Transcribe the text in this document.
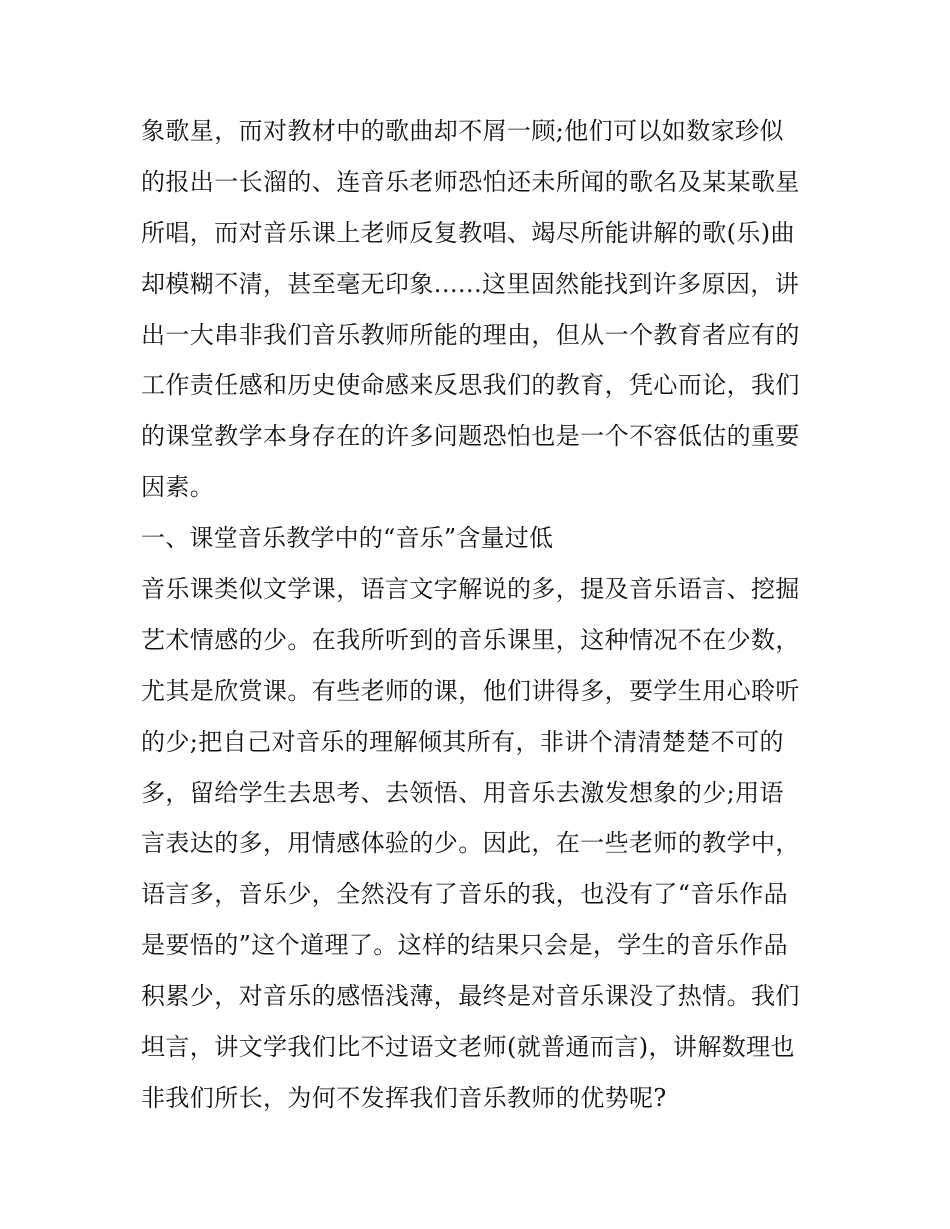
象歌星，而对教材中的歌曲却不屑一顾;他们可以如数家珍似
的报出一长溜的、连音乐老师恐怕还未所闻的歌名及某某歌星
所唱，而对音乐课上老师反复教唱、竭尽所能讲解的歌(乐)曲
却模糊不清，甚至毫无印象......这里固然能找到许多原因，讲
出一大串非我们音乐教师所能的理由，但从一个教育者应有的
工作责任感和历史使命感来反思我们的教育，凭心而论，我们
的课堂教学本身存在的许多问题恐怕也是一个不容低估的重要
因素。
一、课堂音乐教学中的“音乐”含量过低
音乐课类似文学课，语言文字解说的多，提及音乐语言、挖掘
艺术情感的少。在我所听到的音乐课里，这种情况不在少数，
尤其是欣赏课。有些老师的课，他们讲得多，要学生用心聆听
的少;把自己对音乐的理解倾其所有，非讲个清清楚楚不可的
多，留给学生去思考、去领悟、用音乐去激发想象的少;用语
言表达的多，用情感体验的少。因此，在一些老师的教学中，
语言多，音乐少，全然没有了音乐的我，也没有了“音乐作品
是要悟的”这个道理了。这样的结果只会是，学生的音乐作品
积累少，对音乐的感悟浅薄，最终是对音乐课没了热情。我们
坦言，讲文学我们比不过语文老师(就普通而言)，讲解数理也
非我们所长，为何不发挥我们音乐教师的优势呢?
